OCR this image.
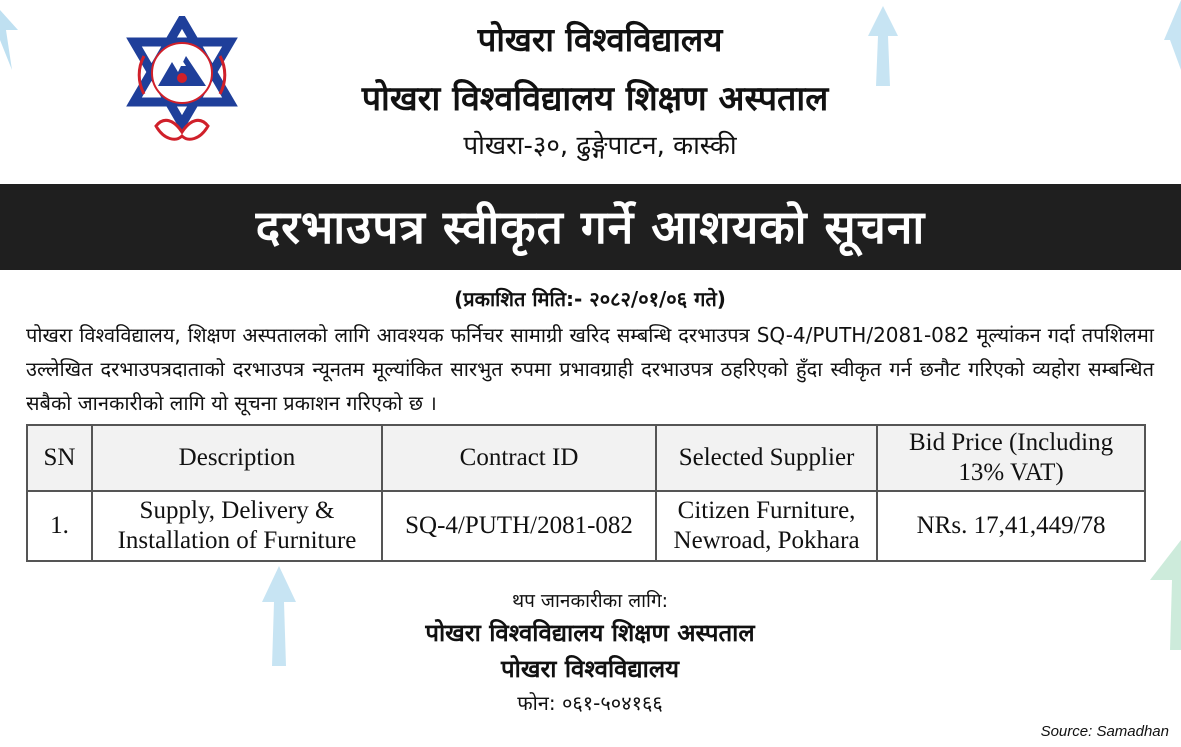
पोखरा विश्वविद्यालय
पोखरा विश्वविद्यालय शिक्षण अस्पताल
पोखरा-३०, ढुङ्गेपाटन, कास्की
दरभाउपत्र स्वीकृत गर्ने आशयको सूचना
(प्रकाशित मिति:- २०८२/०१/०६ गते)
पोखरा विश्वविद्यालय, शिक्षण अस्पतालको लागि आवश्यक फर्निचर सामाग्री खरिद सम्बन्धि दरभाउपत्र SQ-4/PUTH/2081-082 मूल्यांकन गर्दा तपशिलमा उल्लेखित दरभाउपत्रदाताको दरभाउपत्र न्यूनतम मूल्यांकित सारभुत रुपमा प्रभावग्राही दरभाउपत्र ठहरिएको हुँदा स्वीकृत गर्न छनौट गरिएको व्यहोरा सम्बन्धित सबैको जानकारीको लागि यो सूचना प्रकाशन गरिएको छ ।
SN	Description	Contract ID	Selected Supplier	Bid Price (Including
13% VAT)

1.	Supply, Delivery &
Installation of Furniture	SQ-4/PUTH/2081-082	Citizen Furniture,
Newroad, Pokhara	NRs. 17,41,449/78
थप जानकारीका लागि:
पोखरा विश्वविद्यालय शिक्षण अस्पताल
पोखरा विश्वविद्यालय
फोन: ०६१-५०४१६६
Source: Samadhan
